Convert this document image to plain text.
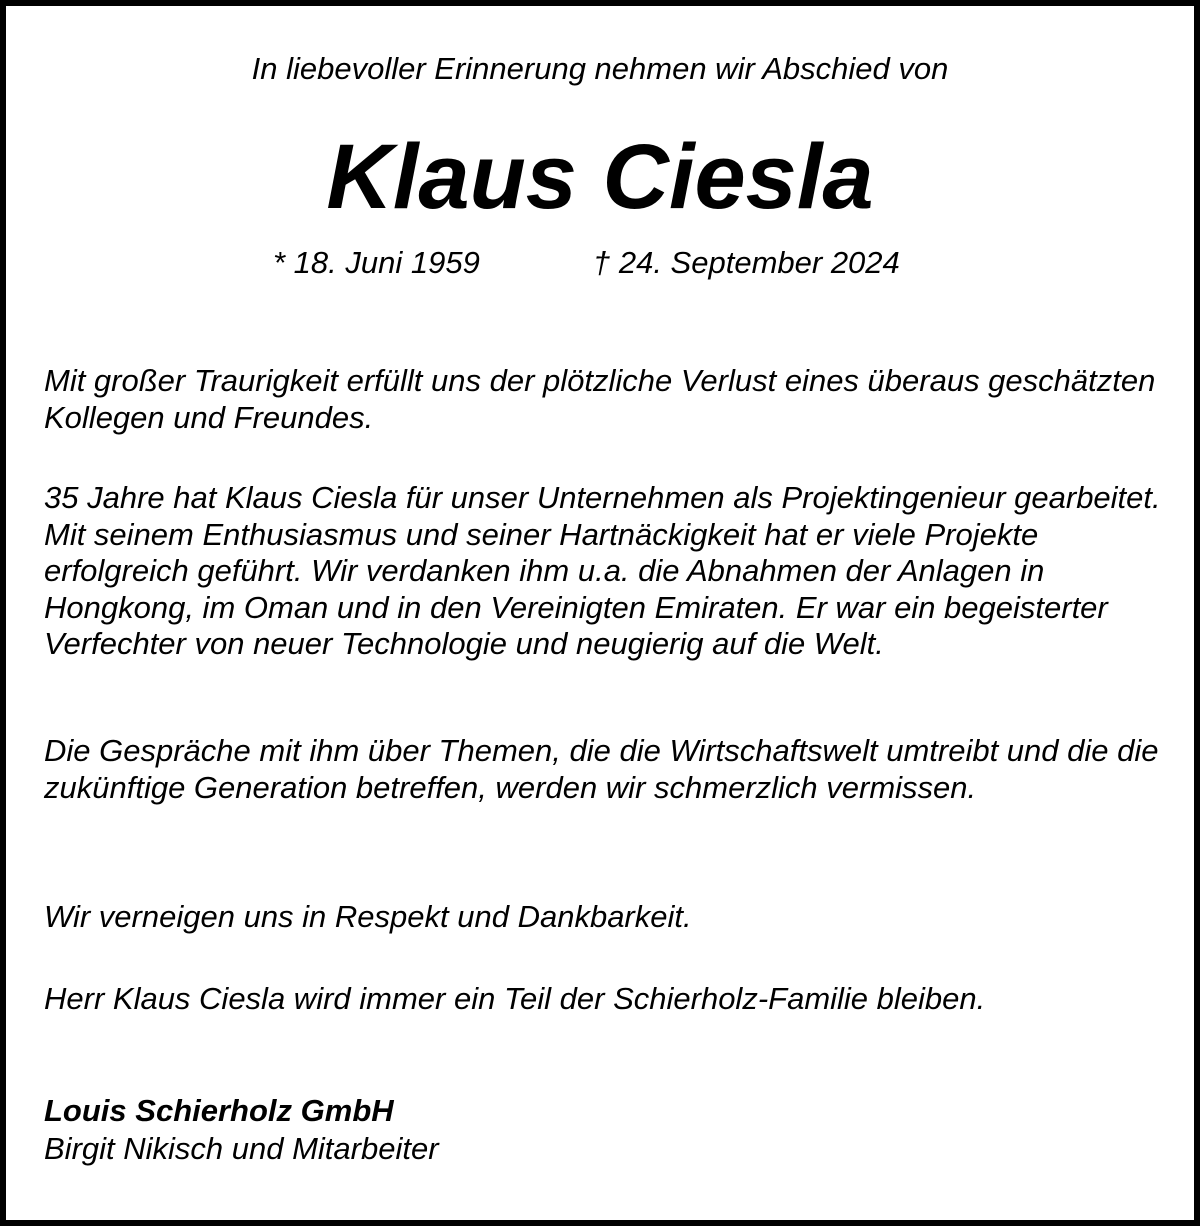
In liebevoller Erinnerung nehmen wir Abschied von
Klaus Ciesla
* 18. Juni 1959	† 24. September 2024

Mit großer Traurigkeit erfüllt uns der plötzliche Verlust eines überaus geschätzten Kollegen und Freundes.

35 Jahre hat Klaus Ciesla für unser Unternehmen als Projektingenieur gearbeitet. Mit seinem Enthusiasmus und seiner Hartnäckigkeit hat er viele Projekte erfolgreich geführt. Wir verdanken ihm u.a. die Abnahmen der Anlagen in Hongkong, im Oman und in den Vereinigten Emiraten. Er war ein begeisterter Verfechter von neuer Technologie und neugierig auf die Welt.

Die Gespräche mit ihm über Themen, die die Wirtschaftswelt umtreibt und die die zukünftige Generation betreffen, werden wir schmerzlich vermissen.

Wir verneigen uns in Respekt und Dankbarkeit.

Herr Klaus Ciesla wird immer ein Teil der Schierholz-Familie bleiben.

Louis Schierholz GmbH
Birgit Nikisch und Mitarbeiter
